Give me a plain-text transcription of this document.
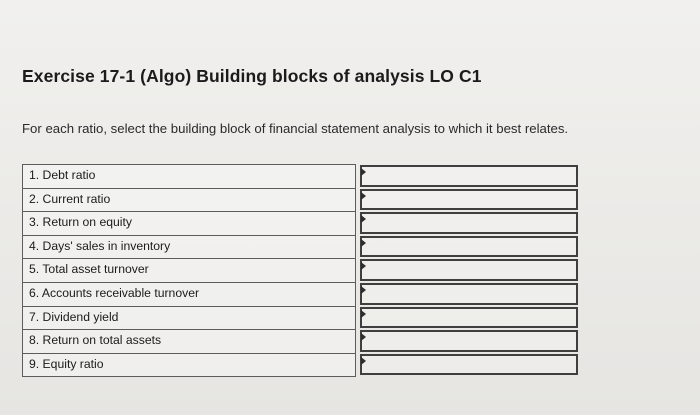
Exercise 17-1 (Algo) Building blocks of analysis LO C1
For each ratio, select the building block of financial statement analysis to which it best relates.
1. Debt ratio
2. Current ratio
3. Return on equity
4. Days' sales in inventory
5. Total asset turnover
6. Accounts receivable turnover
7. Dividend yield
8. Return on total assets
9. Equity ratio
